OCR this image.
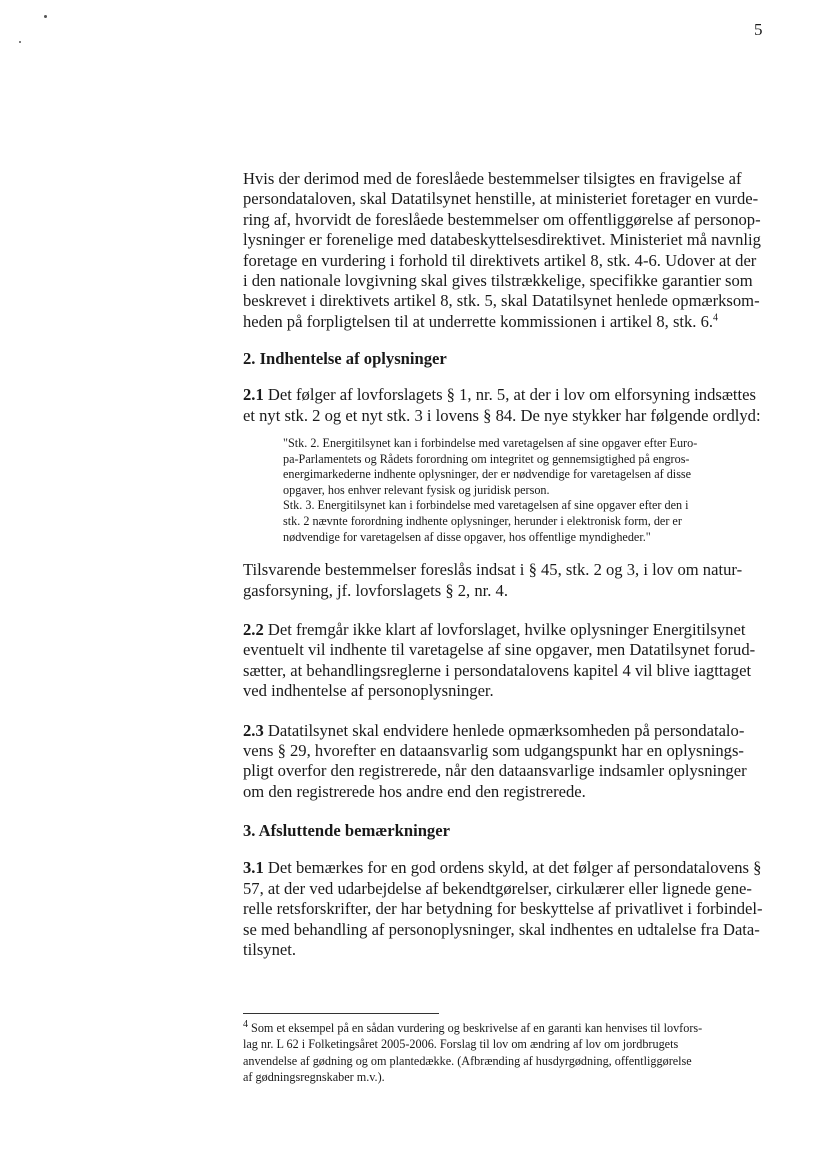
5

Hvis der derimod med de foreslåede bestemmelser tilsigtes en fravigelse af
persondataloven, skal Datatilsynet henstille, at ministeriet foretager en vurde-
ring af, hvorvidt de foreslåede bestemmelser om offentliggørelse af personop-
lysninger er forenelige med databeskyttelsesdirektivet. Ministeriet må navnlig
foretage en vurdering i forhold til direktivets artikel 8, stk. 4-6. Udover at der
i den nationale lovgivning skal gives tilstrækkelige, specifikke garantier som
beskrevet i direktivets artikel 8, stk. 5, skal Datatilsynet henlede opmærksom-
heden på forpligtelsen til at underrette kommissionen i artikel 8, stk. 6.$^4$

2. Indhentelse af oplysninger

2.1 Det følger af lovforslagets § 1, nr. 5, at der i lov om elforsyning indsættes
et nyt stk. 2 og et nyt stk. 3 i lovens § 84. De nye stykker har følgende ordlyd:

"Stk. 2. Energitilsynet kan i forbindelse med varetagelsen af sine opgaver efter Euro-
pa-Parlamentets og Rådets forordning om integritet og gennemsigtighed på engros-
energimarkederne indhente oplysninger, der er nødvendige for varetagelsen af disse
opgaver, hos enhver relevant fysisk og juridisk person.
Stk. 3. Energitilsynet kan i forbindelse med varetagelsen af sine opgaver efter den i
stk. 2 nævnte forordning indhente oplysninger, herunder i elektronisk form, der er
nødvendige for varetagelsen af disse opgaver, hos offentlige myndigheder."

Tilsvarende bestemmelser foreslås indsat i § 45, stk. 2 og 3, i lov om natur-
gasforsyning, jf. lovforslagets § 2, nr. 4.

2.2 Det fremgår ikke klart af lovforslaget, hvilke oplysninger Energitilsynet
eventuelt vil indhente til varetagelse af sine opgaver, men Datatilsynet forud-
sætter, at behandlingsreglerne i persondatalovens kapitel 4 vil blive iagttaget
ved indhentelse af personoplysninger.

2.3 Datatilsynet skal endvidere henlede opmærksomheden på persondatalo-
vens § 29, hvorefter en dataansvarlig som udgangspunkt har en oplysnings-
pligt overfor den registrerede, når den dataansvarlige indsamler oplysninger
om den registrerede hos andre end den registrerede.

3. Afsluttende bemærkninger

3.1 Det bemærkes for en god ordens skyld, at det følger af persondatalovens §
57, at der ved udarbejdelse af bekendtgørelser, cirkulærer eller lignede gene-
relle retsforskrifter, der har betydning for beskyttelse af privatlivet i forbindel-
se med behandling af personoplysninger, skal indhentes en udtalelse fra Data-
tilsynet.

$^4$ Som et eksempel på en sådan vurdering og beskrivelse af en garanti kan henvises til lovfors-
lag nr. L 62 i Folketingsåret 2005-2006. Forslag til lov om ændring af lov om jordbrugets
anvendelse af gødning og om plantedække. (Afbrænding af husdyrgødning, offentliggørelse
af gødningsregnskaber m.v.).
